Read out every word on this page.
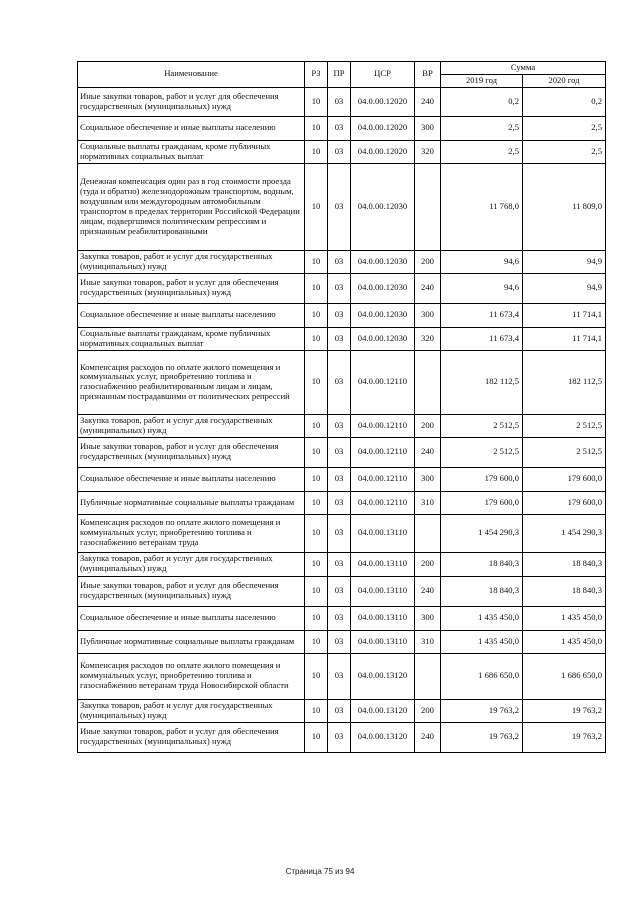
Наименование	РЗ	ПР	ЦСР	ВР	Сумма	
					2019 год	2020 год
Иные закупки товаров, работ и услуг для обеспечения государственных (муниципальных) нужд	10	03	04.0.00.12020	240	0,2	0,2
Социальное обеспечение и иные выплаты населению	10	03	04.0.00.12020	300	2,5	2,5
Социальные выплаты гражданам, кроме публичных нормативных социальных выплат	10	03	04.0.00.12020	320	2,5	2,5
Денежная компенсация один раз в год стоимости проезда (туда и обратно) железнодорожным транспортом, водным, воздушным или междугородным автомобильным транспортом в пределах территории Российской Федерации лицам, подвергшимся политическим репрессиям и признанным реабилитированными	10	03	04.0.00.12030		11 768,0	11 809,0
Закупка товаров, работ и услуг для государственных (муниципальных) нужд	10	03	04.0.00.12030	200	94,6	94,9
Иные закупки товаров, работ и услуг для обеспечения государственных (муниципальных) нужд	10	03	04.0.00.12030	240	94,6	94,9
Социальное обеспечение и иные выплаты населению	10	03	04.0.00.12030	300	11 673,4	11 714,1
Социальные выплаты гражданам, кроме публичных нормативных социальных выплат	10	03	04.0.00.12030	320	11 673,4	11 714,1
Компенсация расходов по оплате жилого помещения и коммунальных услуг, приобретению топлива и газоснабжению реабилитированным лицам и лицам, признанным пострадавшими от политических репрессий	10	03	04.0.00.12110		182 112,5	182 112,5
Закупка товаров, работ и услуг для государственных (муниципальных) нужд	10	03	04.0.00.12110	200	2 512,5	2 512,5
Иные закупки товаров, работ и услуг для обеспечения государственных (муниципальных) нужд	10	03	04.0.00.12110	240	2 512,5	2 512,5
Социальное обеспечение и иные выплаты населению	10	03	04.0.00.12110	300	179 600,0	179 600,0
Публичные нормативные социальные выплаты гражданам	10	03	04.0.00.12110	310	179 600,0	179 600,0
Компенсация расходов по оплате жилого помещения и коммунальных услуг, приобретению топлива и газоснабжению ветеранам труда	10	03	04.0.00.13110		1 454 290,3	1 454 290,3
Закупка товаров, работ и услуг для государственных (муниципальных) нужд	10	03	04.0.00.13110	200	18 840,3	18 840,3
Иные закупки товаров, работ и услуг для обеспечения государственных (муниципальных) нужд	10	03	04.0.00.13110	240	18 840,3	18 840,3
Социальное обеспечение и иные выплаты населению	10	03	04.0.00.13110	300	1 435 450,0	1 435 450,0
Публичные нормативные социальные выплаты гражданам	10	03	04.0.00.13110	310	1 435 450,0	1 435 450,0
Компенсация расходов по оплате жилого помещения и коммунальных услуг, приобретению топлива и газоснабжению ветеранам труда Новосибирской области	10	03	04.0.00.13120		1 686 650,0	1 686 650,0
Закупка товаров, работ и услуг для государственных (муниципальных) нужд	10	03	04.0.00.13120	200	19 763,2	19 763,2
Иные закупки товаров, работ и услуг для обеспечения государственных (муниципальных) нужд	10	03	04.0.00.13120	240	19 763,2	19 763,2
Страница 75 из 94
